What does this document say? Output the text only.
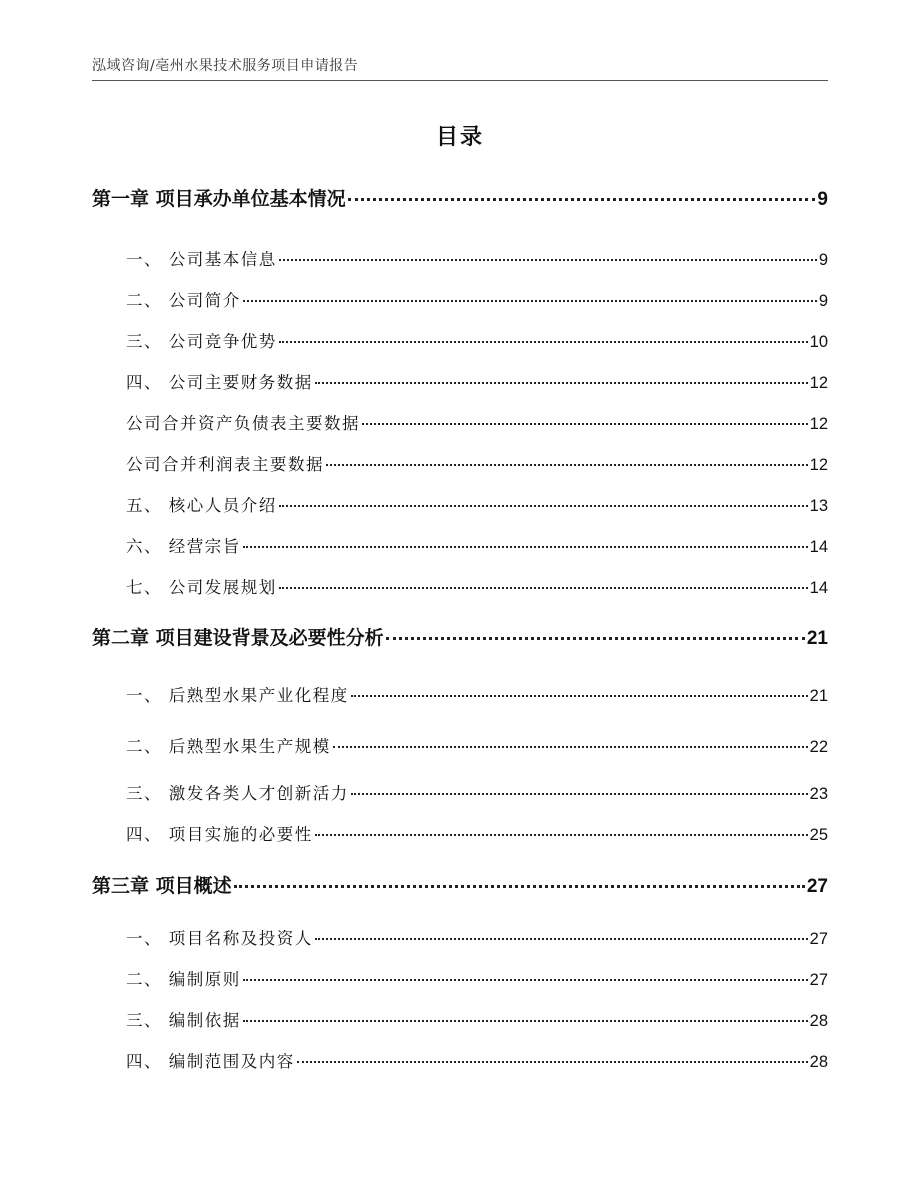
泓域咨询/亳州水果技术服务项目申请报告
目录
第一章 项目承办单位基本情况	9
一、 公司基本信息	9
二、 公司简介	9
三、 公司竞争优势	10
四、 公司主要财务数据	12
公司合并资产负债表主要数据	12
公司合并利润表主要数据	12
五、 核心人员介绍	13
六、 经营宗旨	14
七、 公司发展规划	14
第二章 项目建设背景及必要性分析	21
一、 后熟型水果产业化程度	21
二、 后熟型水果生产规模	22
三、 激发各类人才创新活力	23
四、 项目实施的必要性	25
第三章 项目概述	27
一、 项目名称及投资人	27
二、 编制原则	27
三、 编制依据	28
四、 编制范围及内容	28
